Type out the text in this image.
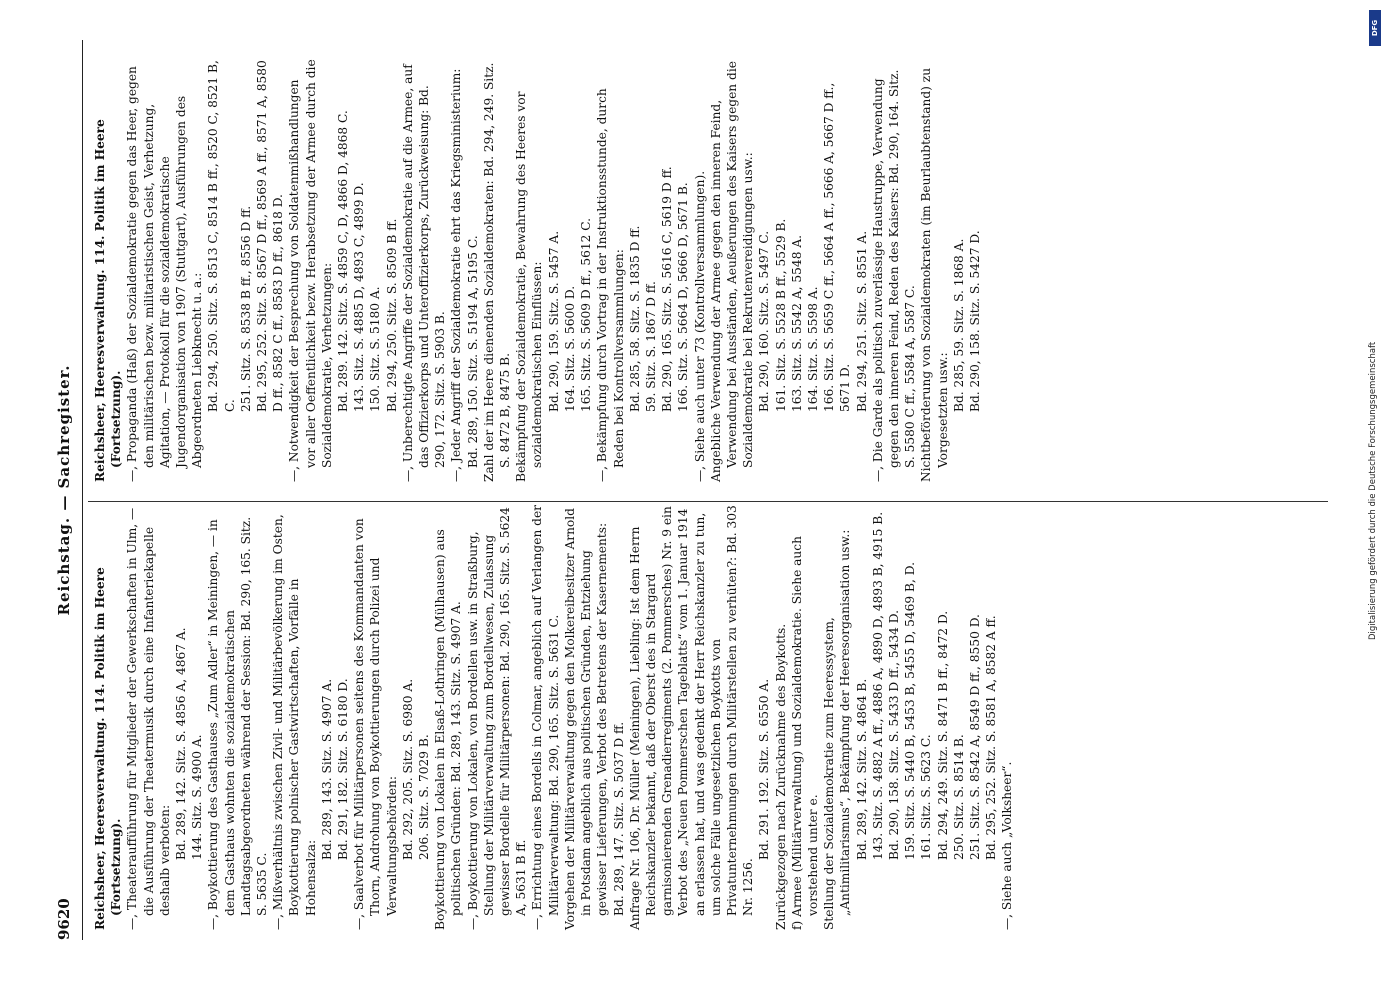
9620
Reichstag. — Sachregister.

Reichsheer, Heeresverwaltung. 114. Politik im Heere (Fortsetzung). —, Theateraufführung für Mitglieder der Gewerkschaften in Ulm, — die Ausführung der Theatermusik durch eine Infanteriekapelle deshalb verboten:

Bd. 289, 142. Sitz. S. 4856 A, 4867 A. 144. Sitz. S. 4900 A. —, Boykottierung des Gasthauses „Zum Adler“ in Meiningen, — in dem Gasthaus wohnten die sozialdemokratischen Landtagsabgeordneten während der Session: Bd. 290, 165. Sitz. S. 5635 C. —, Mißverhältnis zwischen Zivil- und Militärbevölkerung im Osten, Boykottierung polnischer Gastwirtschaften, Vorfälle in Hohensalza:

Bd. 289, 143. Sitz. S. 4907 A. Bd. 291, 182. Sitz. S. 6180 D. —, Saalverbot für Militärpersonen seitens des Kommandanten von Thorn, Androhung von Boykottierungen durch Polizei und Verwaltungsbehörden: Bd. 292, 205. Sitz. S. 6980 A. 206. Sitz. S. 7029 B. Boykottierung von Lokalen in Elsaß-Lothringen (Mülhausen) aus politischen Gründen: Bd. 289, 143. Sitz. S. 4907 A. —, Boykottierung von Lokalen, von Bordellen usw. in Straßburg, Stellung der Militärverwaltung zum Bordellwesen, Zulassung gewisser Bordelle für Militärpersonen: Bd. 290, 165. Sitz. S. 5624 A, 5631 B ff. —, Errichtung eines Bordells in Colmar, angeblich auf Verlangen der Militärverwaltung: Bd. 290, 165. Sitz. S. 5631 C. Vorgehen der Militärverwaltung gegen den Molkereibesitzer Arnold in Potsdam angeblich aus politischen Gründen, Entziehung gewisser Lieferungen, Verbot des Betretens der Kasernements: Bd. 289, 147. Sitz. S. 5037 D ff. Anfrage Nr. 106, Dr. Müller (Meiningen), Liebling: Ist dem Herrn Reichskanzler bekannt, daß der Oberst des in Stargard garnisonierenden Grenadierregiments (2. Pommersches) Nr. 9 ein Verbot des „Neuen Pommerschen Tageblatts“ vom 1. Januar 1914 an erlassen hat, und was gedenkt der Herr Reichskanzler zu tun, um solche Fälle ungesetzlichen Boykotts von Privatunternehmungen durch Militärstellen zu verhüten?: Bd. 303 Nr. 1256.

Bd. 291. 192. Sitz. S. 6550 A. Zurückgezogen nach Zurücknahme des Boykotts. f) Armee (Militärverwaltung) und Sozialdemokratie. Siehe auch vorstehend unter e. Stellung der Sozialdemokratie zum Heeressystem, „Antimilitarismus“, Bekämpfung der Heeresorganisation usw.: Bd. 289, 142. Sitz. S. 4864 B. 143. Sitz. S. 4882 A ff., 4886 A, 4890 D, 4893 B, 4915 B. Bd. 290, 158. Sitz. S. 5433 D ff., 5434 D. 159. Sitz. S. 5440 B, 5453 B, 5455 D, 5469 B, D. 161. Sitz. S. 5623 C. Bd. 294, 249. Sitz. S. 8471 B ff., 8472 D. 250. Sitz. S. 8514 B. 251. Sitz. S. 8542 A, 8549 D ff., 8550 D. Bd. 295, 252. Sitz. S. 8581 A, 8582 A ff. —, Siehe auch „Volksheer“.

Reichsheer, Heeresverwaltung. 114. Politik im Heere (Fortsetzung). —, Propaganda (Haß) der Sozialdemokratie gegen das Heer, gegen den militärischen bezw. militaristischen Geist, Verhetzung, Agitation, — Protokoll für die sozialdemokratische Jugendorganisation von 1907 (Stuttgart), Ausführungen des Abgeordneten Liebknecht u. a.: Bd. 294, 250. Sitz. S. 8513 C, 8514 B ff., 8520 C, 8521 B, C. 251. Sitz. S. 8538 B ff., 8556 D ff. Bd. 295, 252. Sitz. S. 8567 D ff., 8569 A ff., 8571 A, 8580 D ff., 8582 C ff., 8583 D ff., 8618 D. —, Notwendigkeit der Besprechung von Soldatenmißhandlungen vor aller Oeffentlichkeit bezw. Herabsetzung der Armee durch die Sozialdemokratie, Verhetzungen: Bd. 289. 142. Sitz. S. 4859 C, D, 4866 D, 4868 C. 143. Sitz. S. 4885 D, 4893 C, 4899 D. 150. Sitz. S. 5180 A. Bd. 294, 250. Sitz. S. 8509 B ff. —, Unberechtigte Angriffe der Sozialdemokratie auf die Armee, auf das Offizierkorps und Unteroffizierkorps, Zurückweisung: Bd. 290, 172. Sitz. S. 5903 B. —, Jeder Angriff der Sozialdemokratie ehrt das Kriegsministerium: Bd. 289, 150. Sitz. S. 5194 A, 5195 C. Zahl der im Heere dienenden Sozialdemokraten: Bd. 294, 249. Sitz. S. 8472 B, 8475 B. Bekämpfung der Sozialdemokratie, Bewahrung des Heeres vor sozialdemokratischen Einflüssen: Bd. 290, 159. Sitz. S. 5457 A. 164. Sitz. S. 5600 D. 165. Sitz. S. 5609 D ff., 5612 C. —, Bekämpfung durch Vortrag in der Instruktionsstunde, durch Reden bei Kontrollversammlungen: Bd. 285, 58. Sitz. S. 1835 D ff. 59. Sitz. S. 1867 D ff. Bd. 290, 165. Sitz. S. 5616 C, 5619 D ff. 166. Sitz. S. 5664 D, 5666 D, 5671 B. —, Siehe auch unter 73 (Kontrollversammlungen). Angebliche Verwendung der Armee gegen den inneren Feind, Verwendung bei Ausständen, Aeußerungen des Kaisers gegen die Sozialdemokratie bei Rekrutenvereidigungen usw.: Bd. 290, 160. Sitz. S. 5497 C. 161. Sitz. S. 5528 B ff., 5529 B. 163. Sitz. S. 5542 A, 5548 A. 164. Sitz. S. 5598 A. 166. Sitz. S. 5659 C ff., 5664 A ff., 5666 A, 5667 D ff., 5671 D. Bd. 294, 251. Sitz. S. 8551 A. —, Die Garde als politisch zuverlässige Haustruppe, Verwendung gegen den inneren Feind, Reden des Kaisers: Bd. 290, 164. Sitz. S. 5580 C ff., 5584 A, 5587 C. Nichtbeförderung von Sozialdemokraten (im Beurlaubtenstand) zu Vorgesetzten usw.: Bd. 285, 59. Sitz. S. 1868 A. Bd. 290, 158. Sitz. S. 5427 D.

DFG
Digitalisierung gefördert durch die Deutsche Forschungsgemeinschaft
